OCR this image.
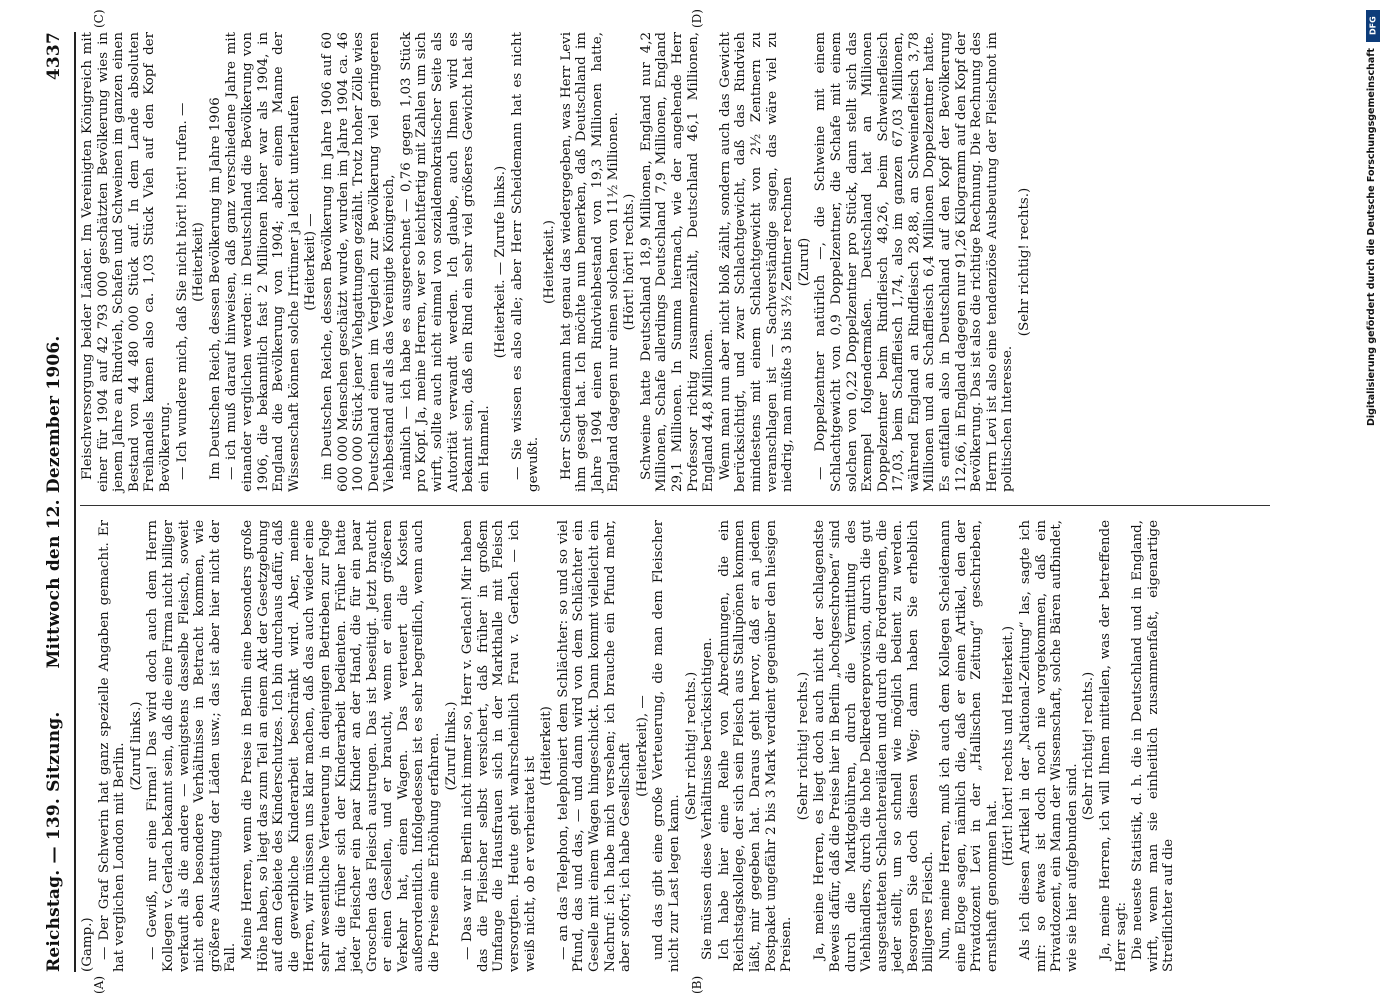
Reichstag. — 139. Sitzung.
Mittwoch den 12. Dezember 1906.
4337
(A)	(B)
(C)	(D)

(Gamp.) — Der Graf Schwerin hat ganz spezielle Angaben gemacht. Er hat verglichen London mit Berlin. (Zuruf links.) — Gewiß, nur eine Firma! Das wird doch auch dem Herrn Kollegen v. Gerlach bekannt sein, daß die eine Firma nicht billiger verkauft als die andere — wenigstens dasselbe Fleisch, soweit nicht eben besondere Verhältnisse in Betracht kommen, wie größere Ausstattung der Läden usw.; das ist aber hier nicht der Fall. Meine Herren, wenn die Preise in Berlin eine besonders große Höhe haben, so liegt das zum Teil an einem Akt der Gesetzgebung auf dem Gebiete des Kinderschutzes. Ich bin durchaus dafür, daß die gewerbliche Kinderarbeit beschränkt wird. Aber, meine Herren, wir müssen uns klar machen, daß das auch wieder eine sehr wesentliche Verteuerung in denjenigen Betrieben zur Folge hat, die früher sich der Kinderarbeit bedienten. Früher hatte jeder Fleischer ein paar Kinder an der Hand, die für ein paar Groschen das Fleisch austrugen. Das ist beseitigt. Jetzt braucht er einen Gesellen, und er braucht, wenn er einen größeren Verkehr hat, einen Wagen. Das verteuert die Kosten außerordentlich. Infolgedessen ist es sehr begreiflich, wenn auch die Preise eine Erhöhung erfahren. (Zuruf links.) — Das war in Berlin nicht immer so, Herr v. Gerlach! Mir haben das die Fleischer selbst versichert, daß früher in großem Umfange die Hausfrauen sich in der Markthalle mit Fleisch versorgten. Heute geht wahrscheinlich Frau v. Gerlach — ich weiß nicht, ob er verheiratet ist

(Heiterkeit) — an das Telephon, telephoniert dem Schlächter: so und so viel Pfund, das und das, — und dann wird von dem Schlächter ein Geselle mit einem Wagen hingeschickt. Dann kommt vielleicht ein Nachruf: ich habe mich versehen; ich brauche ein Pfund mehr, aber sofort; ich habe Gesellschaft (Heiterkeit), — und das gibt eine große Verteuerung, die man dem Fleischer nicht zur Last legen kann.

(Sehr richtig! rechts.) Sie müssen diese Verhältnisse berücksichtigen. Ich habe hier eine Reihe von Abrechnungen, die ein Reichstagskollege, der sich sein Fleisch aus Stallupönen kommen läßt, mir gegeben hat. Daraus geht hervor, daß er an jedem Postpaket ungefähr 2 bis 3 Mark verdient gegenüber den hiesigen Preisen.

(Sehr richtig! rechts.) Ja, meine Herren, es liegt doch auch nicht der schlagendste Beweis dafür, daß die Preise hier in Berlin „hochgeschroben“ sind durch die Marktgebühren, durch die Vermittlung des Viehhändlers, durch die hohe Delkredereprovision, durch die gut ausgestatteten Schlachtereiläden und durch die Forderungen, die jeder stellt, um so schnell wie möglich bedient zu werden. Besorgen Sie doch diesen Weg; dann haben Sie erheblich billigeres Fleisch. Nun, meine Herren, muß ich auch dem Kollegen Scheidemann eine Eloge sagen, nämlich die, daß er einen Artikel, den der Privatdozent Levi in der „Hallischen Zeitung“ geschrieben, ernsthaft genommen hat.

(Hört! hört! rechts und Heiterkeit.) Als ich diesen Artikel in der „National-Zeitung“ las, sagte ich mir: so etwas ist doch noch nie vorgekommen, daß ein Privatdozent, ein Mann der Wissenschaft, solche Bären aufbindet, wie sie hier aufgebunden sind.

(Sehr richtig! rechts.) Ja, meine Herren, ich will Ihnen mitteilen, was der betreffende Herr sagt: Die neueste Statistik, d. h. die in Deutschland und in England, wirft, wenn man sie einheitlich zusammenfaßt, eigenartige Streiflichter auf die

Fleischversorgung beider Länder. Im Vereinigten Königreich mit einer für 1904 auf 42 793 000 geschätzten Bevölkerung wies in jenem Jahre an Rindvieh, Schafen und Schweinen im ganzen einen Bestand von 44 480 000 Stück auf. In dem Lande absoluten Freihandels kamen also ca. 1,03 Stück Vieh auf den Kopf der Bevölkerung. — Ich wundere mich, daß Sie nicht hört! hört! rufen. — (Heiterkeit) Im Deutschen Reich, dessen Bevölkerung im Jahre 1906 — ich muß darauf hinweisen, daß ganz verschiedene Jahre mit einander verglichen werden: in Deutschland die Bevölkerung von 1906, die bekanntlich fast 2 Millionen höher war als 1904, in England die Bevölkerung von 1904; aber einem Manne der Wissenschaft können solche Irrtümer ja leicht unterlaufen (Heiterkeit) — im Deutschen Reiche, dessen Bevölkerung im Jahre 1906 auf 60 600 000 Menschen geschätzt wurde, wurden im Jahre 1904 ca. 46 100 000 Stück jener Viehgattungen gezählt. Trotz hoher Zölle wies Deutschland einen im Vergleich zur Bevölkerung viel geringeren Viehbestand auf als das Vereinigte Königreich, nämlich — ich habe es ausgerechnet — 0,76 gegen 1,03 Stück pro Kopf. Ja, meine Herren, wer so leichtfertig mit Zahlen um sich wirft, sollte auch nicht einmal von sozialdemokratischer Seite als Autorität verwandt werden. Ich glaube, auch Ihnen wird es bekannt sein, daß ein Rind ein sehr viel größeres Gewicht hat als ein Hammel.

(Heiterkeit. — Zurufe links.) — Sie wissen es also alle; aber Herr Scheidemann hat es nicht gewußt.

(Heiterkeit.) Herr Scheidemann hat genau das wiedergegeben, was Herr Levi ihm gesagt hat. Ich möchte nun bemerken, daß Deutschland im Jahre 1904 einen Rindviehbestand von 19,3 Millionen hatte, England dagegen nur einen solchen von 11½ Millionen. (Hört! hört! rechts.) Schweine hatte Deutschland 18,9 Millionen, England nur 4,2 Millionen, Schafe allerdings Deutschland 7,9 Millionen, England 29,1 Millionen. In Summa hiernach, wie der angehende Herr Professor richtig zusammenzählt, Deutschland 46,1 Millionen, England 44,8 Millionen. Wenn man nun aber nicht bloß zählt, sondern auch das Gewicht berücksichtigt, und zwar Schlachtgewicht, daß das Rindvieh mindestens mit einem Schlachtgewicht von 2½ Zentnern zu veranschlagen ist — Sachverständige sagen, das wäre viel zu niedrig, man müßte 3 bis 3½ Zentner rechnen (Zuruf) — Doppelzentner natürlich —, die Schweine mit einem Schlachtgewicht von 0,9 Doppelzentner, die Schafe mit einem solchen von 0,22 Doppelzentner pro Stück, dann stellt sich das Exempel folgendermaßen. Deutschland hat an Millionen Doppelzentner beim Rindfleisch 48,26, beim Schweinefleisch 17,03, beim Schaffleisch 1,74, also im ganzen 67,03 Millionen, während England an Rindfleisch 28,88, an Schweinefleisch 3,78 Millionen und an Schaffleisch 6,4 Millionen Doppelzentner hatte. Es entfallen also in Deutschland auf den Kopf der Bevölkerung 112,66, in England dagegen nur 91,26 Kilogramm auf den Kopf der Bevölkerung. Das ist also die richtige Rechnung. Die Rechnung des Herrn Levi ist also eine tendenziöse Ausbeutung der Fleischnot im politischen Interesse.

(Sehr richtig! rechts.)

DFG
Digitalisierung gefördert durch die Deutsche Forschungsgemeinschaft
